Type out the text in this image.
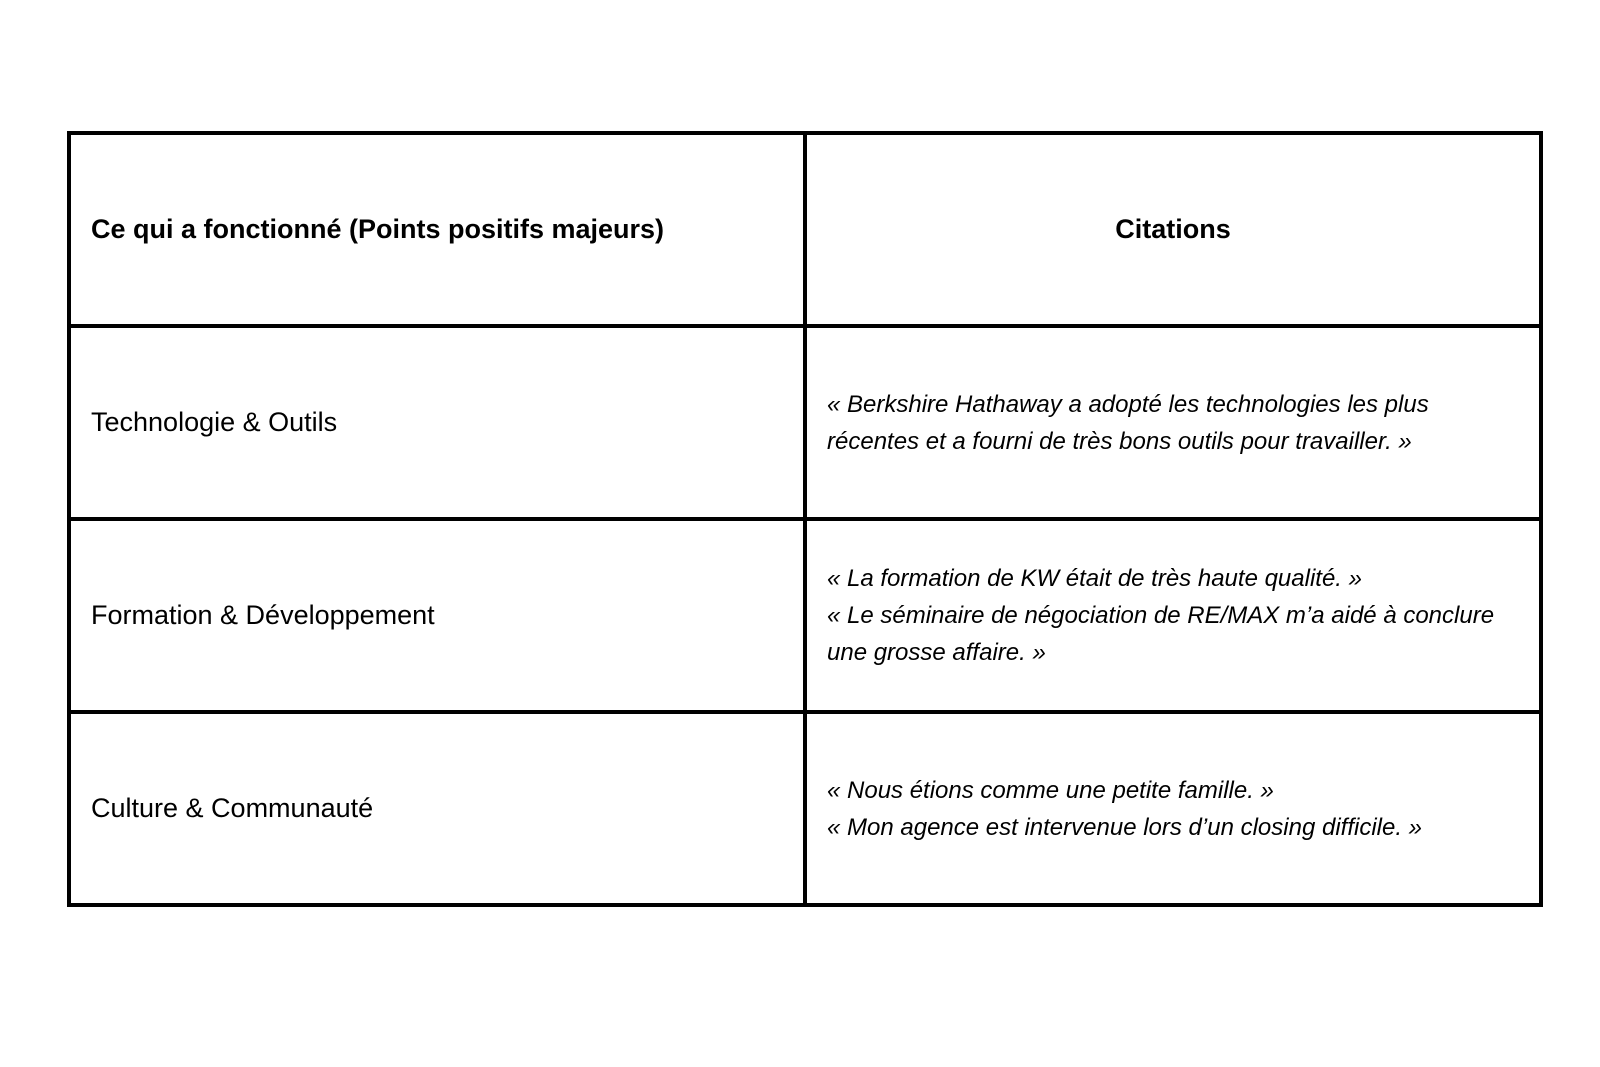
Ce qui a fonctionné (Points positifs majeurs)	Citations
Technologie & Outils	« Berkshire Hathaway a adopté les technologies les plus récentes et a fourni de très bons outils pour travailler. »

Formation & Développement	« La formation de KW était de très haute qualité. »
« Le séminaire de négociation de RE/MAX m’a aidé à conclure une grosse affaire. »

Culture & Communauté	« Nous étions comme une petite famille. »
« Mon agence est intervenue lors d’un closing difficile. »
